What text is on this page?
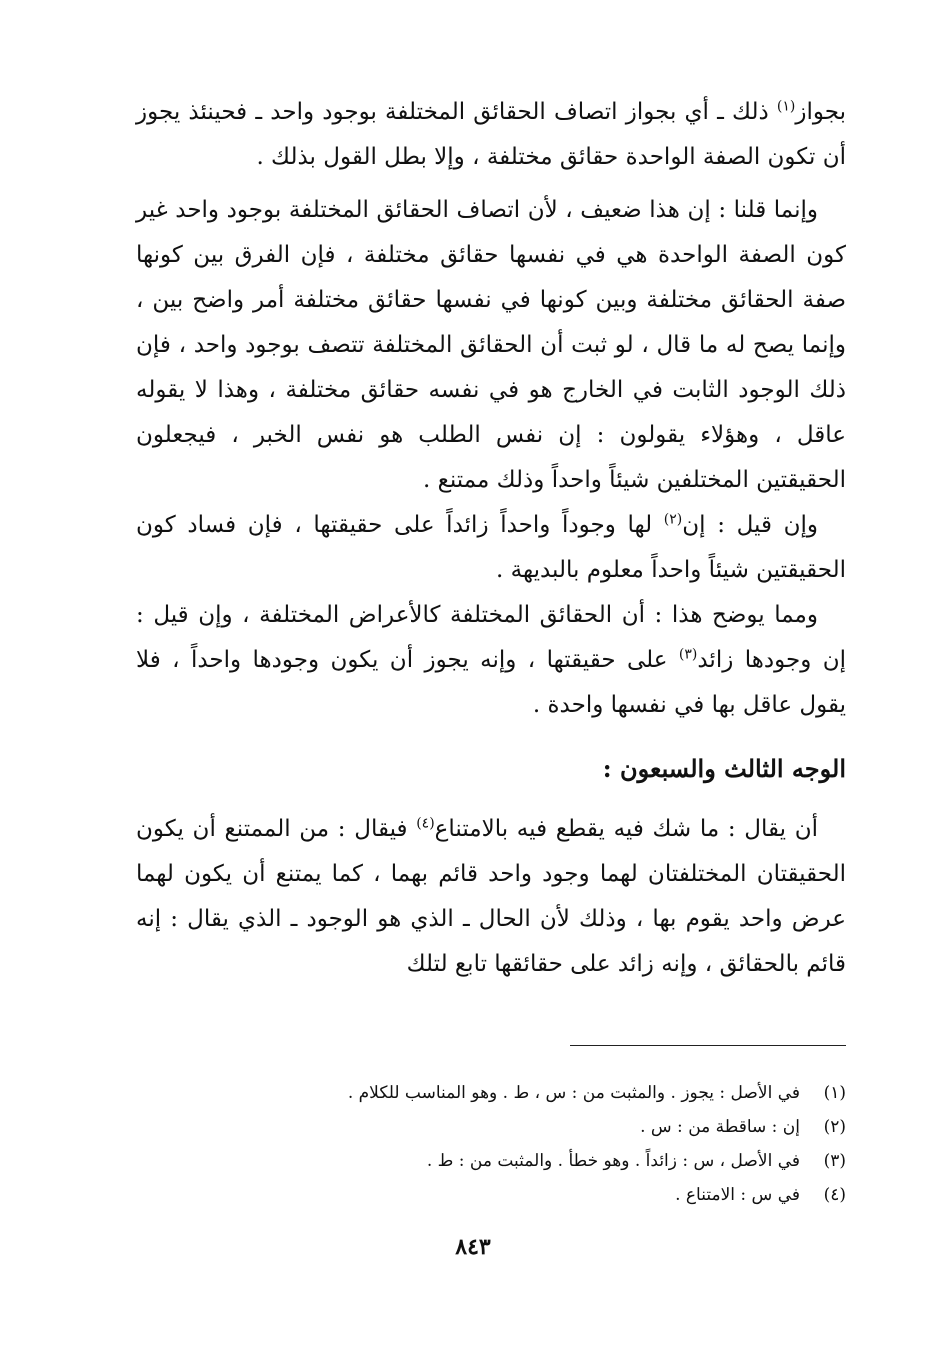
بجواز$^{(١)}$ ذلك ـ أي بجواز اتصاف الحقائق المختلفة بوجود واحد ـ فحينئذ يجوز أن تكون الصفة الواحدة حقائق مختلفة ، وإلا بطل القول بذلك .

وإنما قلنا : إن هذا ضعيف ، لأن اتصاف الحقائق المختلفة بوجود واحد غير كون الصفة الواحدة هي في نفسها حقائق مختلفة ، فإن الفرق بين كونها صفة الحقائق مختلفة وبين كونها في نفسها حقائق مختلفة أمر واضح بين ، وإنما يصح له ما قال ، لو ثبت أن الحقائق المختلفة تتصف بوجود واحد ، فإن ذلك الوجود الثابت في الخارج هو في نفسه حقائق مختلفة ، وهذا لا يقوله عاقل ، وهؤلاء يقولون : إن نفس الطلب هو نفس الخبر ، فيجعلون الحقيقتين المختلفين شيئاً واحداً وذلك ممتنع .

وإن قيل : إن$^{(٢)}$ لها وجوداً واحداً زائداً على حقيقتها ، فإن فساد كون الحقيقتين شيئاً واحداً معلوم بالبديهة .

ومما يوضح هذا : أن الحقائق المختلفة كالأعراض المختلفة ، وإن قيل : إن وجودها زائد$^{(٣)}$ على حقيقتها ، وإنه يجوز أن يكون وجودها واحداً ، فلا يقول عاقل بها في نفسها واحدة .

الوجه الثالث والسبعون :

أن يقال : ما شك فيه يقطع فيه بالامتناع$^{(٤)}$ فيقال : من الممتنع أن يكون الحقيقتان المختلفتان لهما وجود واحد قائم بهما ، كما يمتنع أن يكون لهما عرض واحد يقوم بها ، وذلك لأن الحال ـ الذي هو الوجود ـ الذي يقال : إنه قائم بالحقائق ، وإنه زائد على حقائقها تابع لتلك

(١)
في الأصل : يجوز . والمثبت من : س ، ط . وهو المناسب للكلام .
(٢)
إن : ساقطة من : س .
(٣)
في الأصل ، س : زائداً . وهو خطأ . والمثبت من : ط .
(٤)
في س : الامتناع .
٨٤٣
